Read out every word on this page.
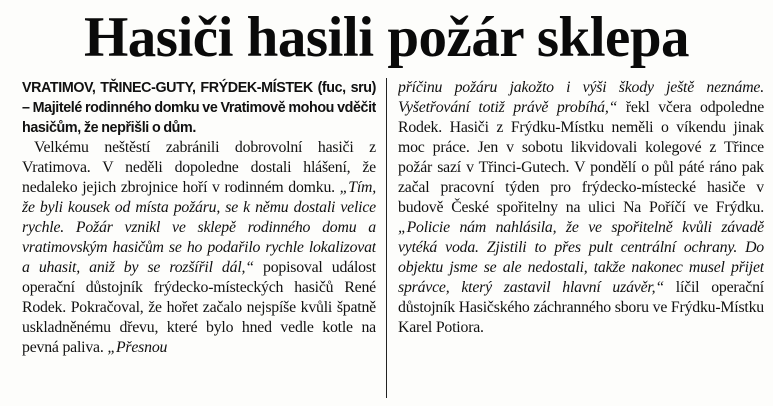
Hasiči hasili požár sklepa

VRATIMOV, TŘINEC-GUTY, FRÝDEK-MÍSTEK (fuc, sru) – Majitelé rodinného domku ve Vratimově mohou vděčit hasičům, že nepřišli o dům.

Velkému neštěstí zabránili dobrovolní hasiči z Vratimova. V neděli dopoledne dostali hlášení, že nedaleko jejich zbrojnice hoří v rodinném domku. „Tím, že byli kousek od místa požáru, se k němu dostali velice rychle. Požár vznikl ve sklepě rodinného domu a vratimovským hasičům se ho podařilo rychle lokalizovat a uhasit, aniž by se rozšířil dál,“ popisoval událost operační důstojník frýdecko-místeckých hasičů René Rodek. Pokračoval, že hořet začalo nejspíše kvůli špatně uskladněnému dřevu, které bylo hned vedle kotle na pevná paliva. „Přesnou

příčinu požáru jakožto i výši škody ještě neznáme. Vyšetřování totiž právě probíhá,“ řekl včera odpoledne Rodek. Hasiči z Frýdku-Místku neměli o víkendu jinak moc práce. Jen v sobotu likvidovali kolegové z Třince požár sazí v Třinci-Gutech. V pondělí o půl páté ráno pak začal pracovní týden pro frýdecko-místecké hasiče v budově České spořitelny na ulici Na Poříčí ve Frýdku. „Policie nám nahlásila, že ve spořitelně kvůli závadě vytéká voda. Zjistili to přes pult centrální ochrany. Do objektu jsme se ale nedostali, takže nakonec musel přijet správce, který zastavil hlavní uzávěr,“ líčil operační důstojník Hasičského záchranného sboru ve Frýdku-Místku Karel Potiora.
